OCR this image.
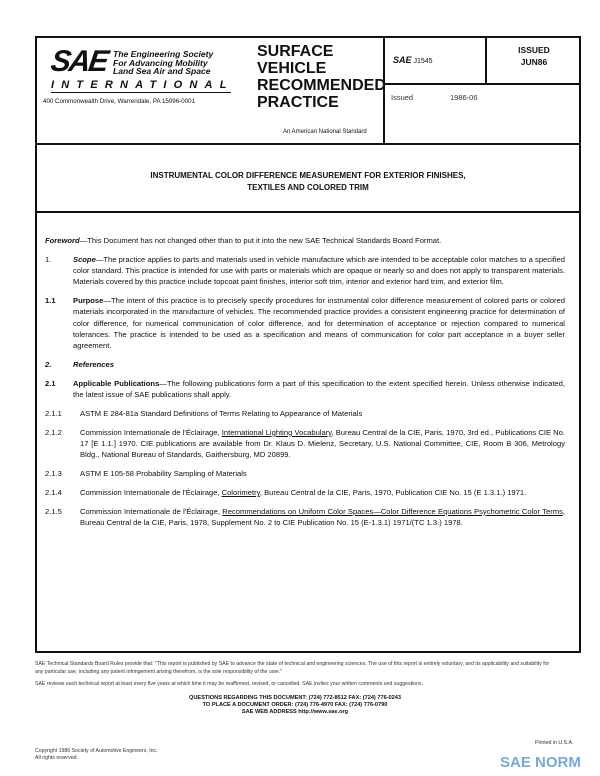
SAE The Engineering Society
For Advancing Mobility
Land Sea Air and Space
INTERNATIONAL
400 Commonwealth Drive, Warrendale, PA 15096-0001
SURFACE
VEHICLE
RECOMMENDED
PRACTICE
An American National Standard
SAE J1545
ISSUED
JUN86
Issued	1986-06
INSTRUMENTAL COLOR DIFFERENCE MEASUREMENT FOR EXTERIOR FINISHES,
TEXTILES AND COLORED TRIM

Foreword—This Document has not changed other than to put it into the new SAE Technical Standards Board Format.

1.	Scope—The practice applies to parts and materials used in vehicle manufacture which are intended to be acceptable color matches to a specified color standard. This practice is intended for use with parts or materials which are opaque or nearly so and does not apply to transparent materials. Materials covered by this practice include topcoat paint finishes, interior soft trim, interior and exterior hard trim, and exterior film.
1.1	Purpose—The intent of this practice is to precisely specify procedures for instrumental color difference measurement of colored parts or colored materials incorporated in the manufacture of vehicles. The recommended practice provides a consistent engineering practice for determination of color difference, for numerical communication of color difference, and for determination of acceptance or rejection compared to numerical tolerances. The practice is intended to be used as a specification and means of communication for color part acceptance in a buyer seller agreement.
2.	References
2.1	Applicable Publications—The following publications form a part of this specification to the extent specified herein. Unless otherwise indicated, the latest issue of SAE publications shall apply.
2.1.1	ASTM E 284-81a Standard Definitions of Terms Relating to Appearance of Materials
2.1.2	Commission Internationale de l'Éclairage, International Lighting Vocabulary, Bureau Central de la CIE, Paris, 1970, 3rd ed., Publications CIE No. 17 [E 1.1.] 1970. CIE publications are available from Dr. Klaus D. Mielenz, Secretary, U.S. National Committee, CIE, Room B 306, Metrology Bldg., National Bureau of Standards, Gaithersburg, MD 20899.
2.1.3	ASTM E 105-58 Probability Sampling of Materials
2.1.4	Commission Internationale de l'Éclairage, Colorimetry, Bureau Central de la CIE, Paris, 1970, Publication CIE No. 15 (E 1.3.1.) 1971.
2.1.5	Commission Internationale de l'Éclairage, Recommendations on Uniform Color Spaces—Color Difference Equations Psychometric Color Terms, Bureau Central de la CIE, Paris, 1978, Supplement No. 2 to CIE Publication No. 15 (E-1.3.1) 1971/(TC 1.3.) 1978.
SAE Technical Standards Board Rules provide that: "This report is published by SAE to advance the state of technical and engineering sciences. The use of this report is entirely voluntary, and its applicability and suitability for any particular use, including any patent infringement arising therefrom, is the sole responsibility of the user."
SAE reviews each technical report at least every five years at which time it may be reaffirmed, revised, or cancelled. SAE invites your written comments and suggestions.
QUESTIONS REGARDING THIS DOCUMENT: (724) 772-8512 FAX: (724) 776-0243
TO PLACE A DOCUMENT ORDER: (724) 776-4970 FAX: (724) 776-0790
SAE WEB ADDRESS http://www.sae.org
Copyright 1986 Society of Automotive Engineers, Inc.
All rights reserved.
Printed in U.S.A.
SAE NORM
